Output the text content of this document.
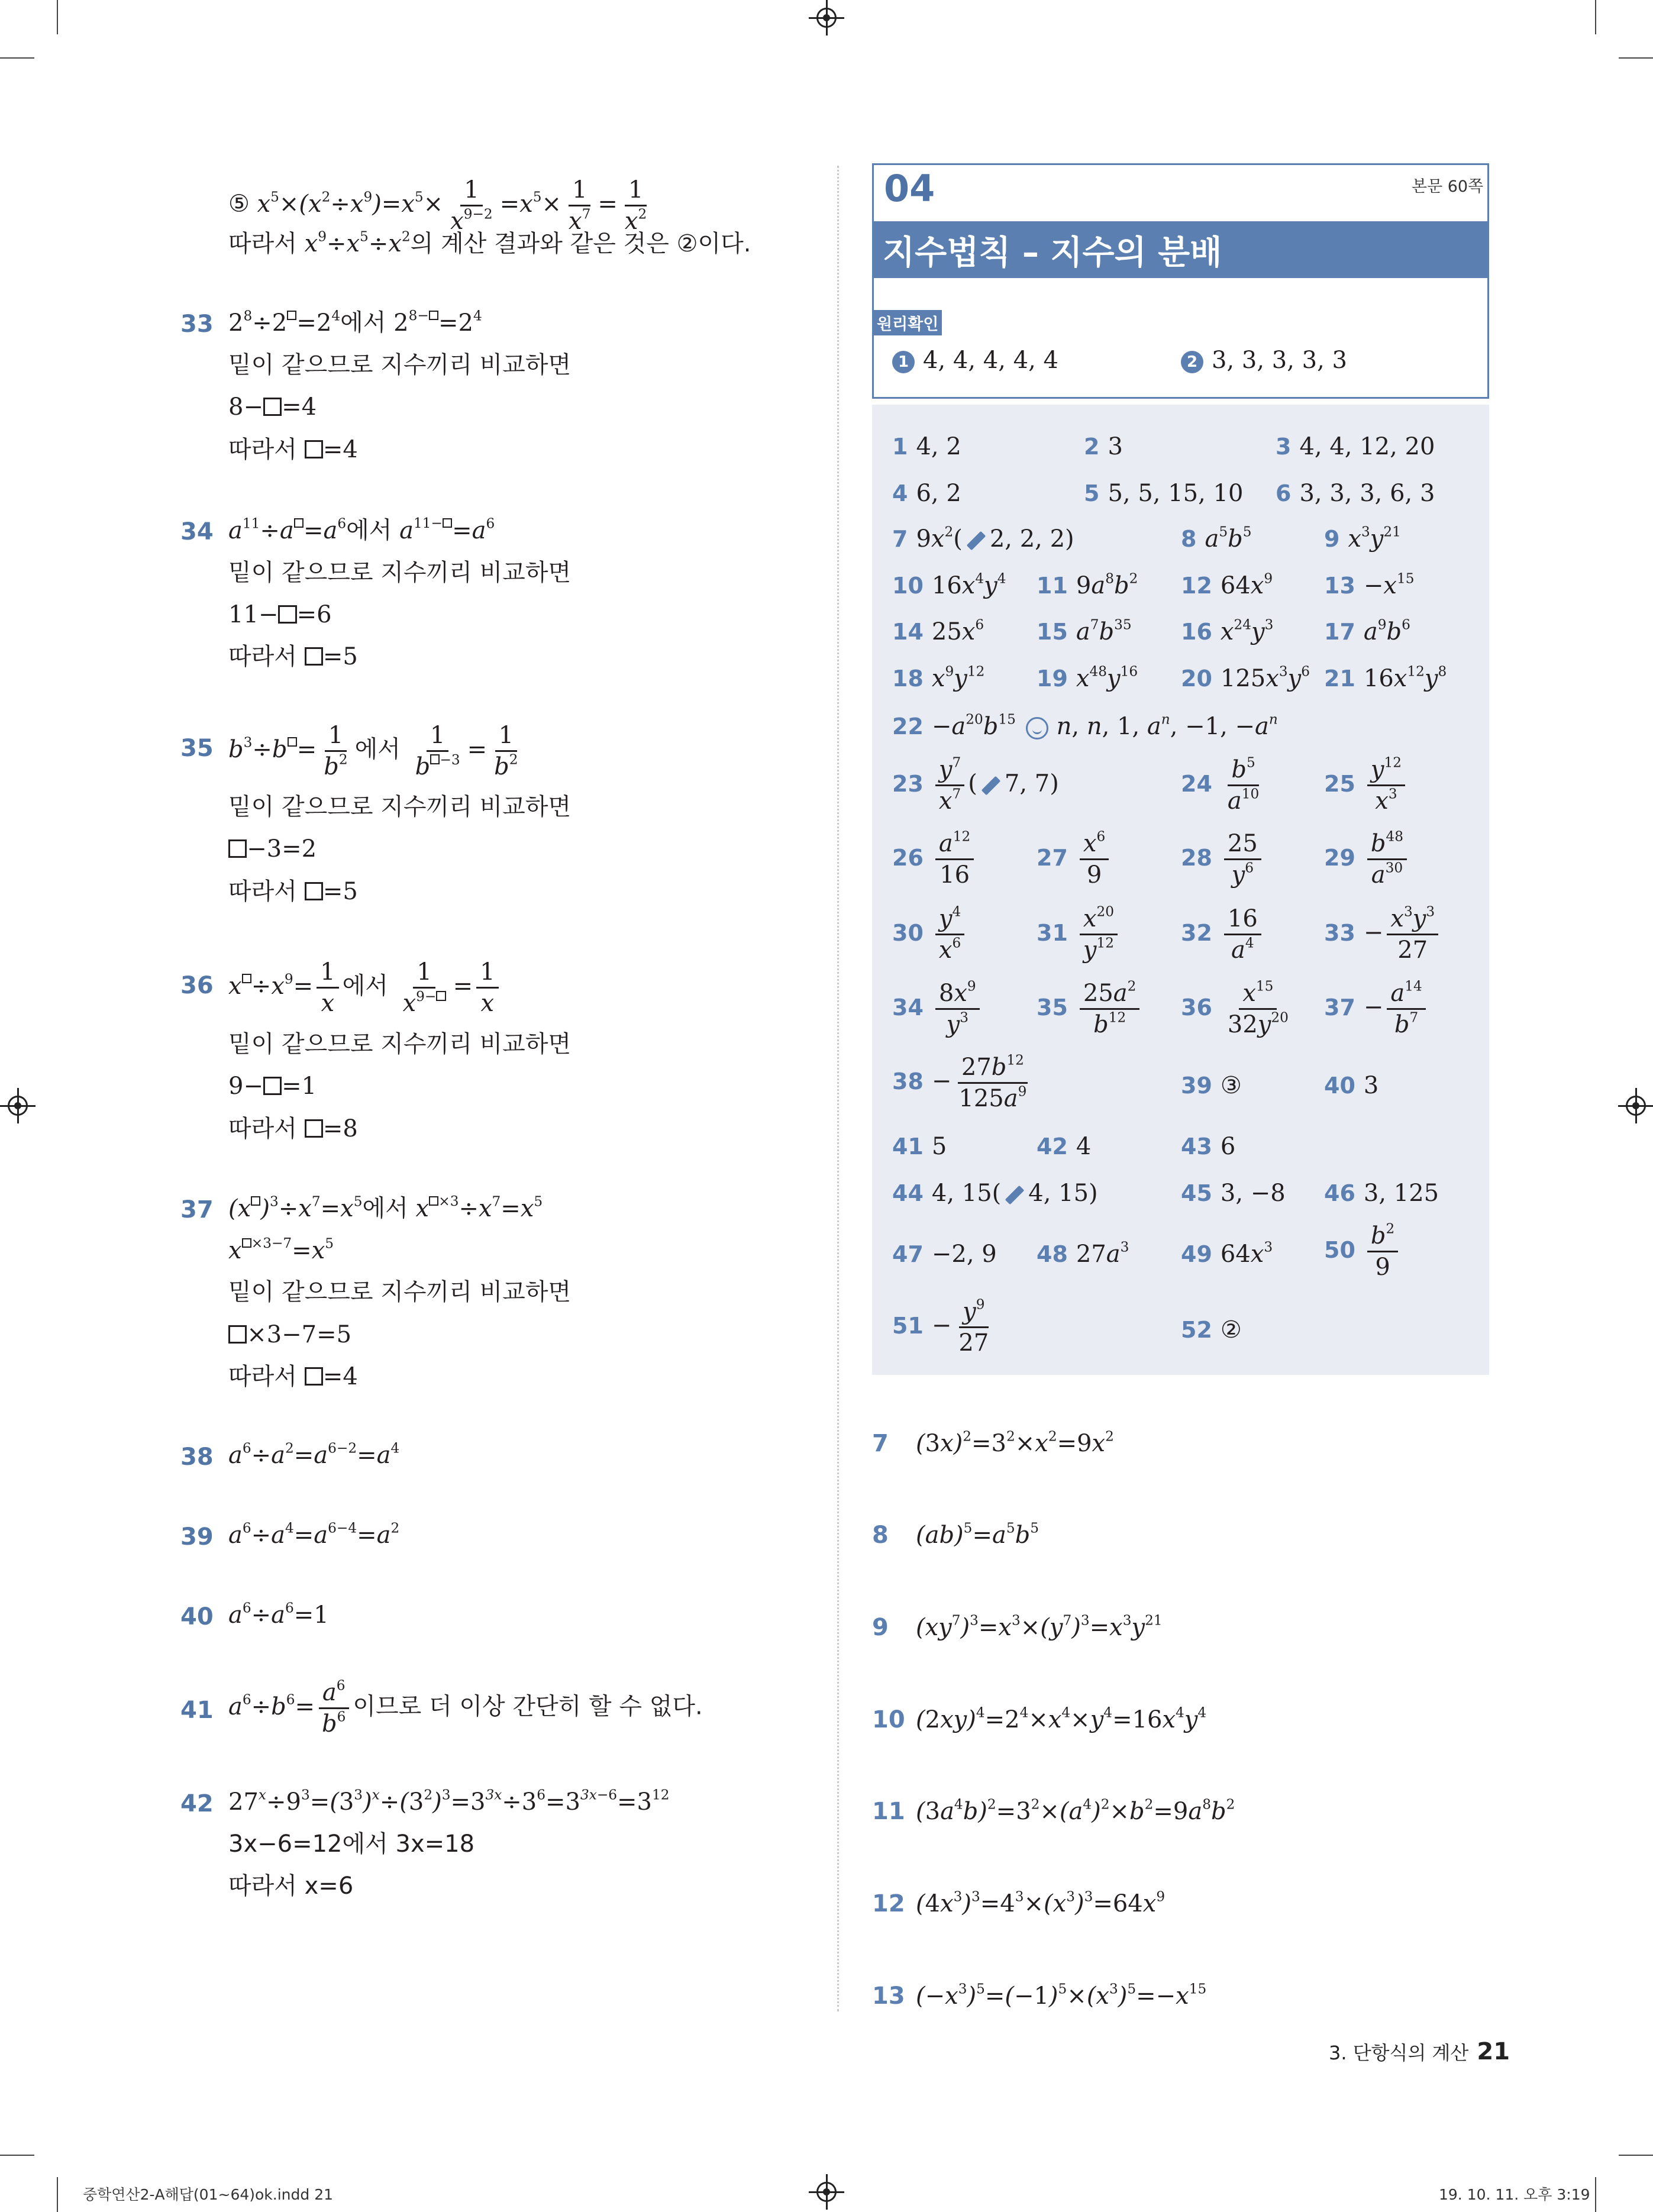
⑤ $x^5\times(x^2\div x^9)=x^5\times \frac{1}{x^{9-2}} =x^5\times \frac{1}{x^7} = \frac{1}{x^2}$
따라서 $x^9\div x^5\div x^2$의 계산 결과와 같은 것은 ②이다.
33 $2^8\div 2 =2^4$에서 $2^{8-} =2^4$
밑이 같으므로 지수끼리 비교하면
8− =4
따라서 =4
34 $a^{11}\div a =a^6$에서 $a^{11-} =a^6$
밑이 같으므로 지수끼리 비교하면
11− =6
따라서 =5
35 $b^3\div b = \frac{1}{b^2}$ 에서 $\frac{1}{b ^{-3}} = \frac{1}{b^2}$
밑이 같으므로 지수끼리 비교하면
−3=2
따라서 =5
36 $x \div x^9= \frac{1}{x}$ 에서 $\frac{1}{x^{9-}} = \frac{1}{x}$
밑이 같으므로 지수끼리 비교하면
9− =1
따라서 =8
37 (x )$^3\div x^7=x^5$에서 x $^{\times 3}\div x^7=x^5$
x $^{\times 3-7}=x^5$
밑이 같으므로 지수끼리 비교하면
×3−7=5
따라서 =4
38 $a^6\div a^2=a^{6-2}=a^4$
39 $a^6\div a^4=a^{6-4}=a^2$
40 $a^6\div a^6=1$
41 $a^6\div b^6= \frac{a^6}{b^6}$ 이므로 더 이상 간단히 할 수 없다.
42 $27^x\div 9^3=(3^3)^x\div(3^2)^3=3^{3x}\div 3^6=3^{3x-6}=3^{12}$
3x−6=12에서 3x=18
따라서 x=6
04	본문 60쪽
지수법칙 – 지수의 분배
원리확인
1 4, 4, 4, 4, 4	2 3, 3, 3, 3, 3
1 4, 2	2 3	3 4, 4, 12, 20
4 6, 2	5 5, 5, 15, 10 6 3, 3, 3, 6, 3
7 $9x^2$( 2, 2, 2)	8 $a^5b^5$	9 $x^3y^{21}$
10 $16x^4y^4$ 11 $9a^8b^2$ 12 $64x^9$ $13 -x^{15}$
14 $25x^6$ 15 $a^7b^{35}$ 16 $x^{24}y^3$ 17 $a^9b^6$
18 $x^9y^{12}$ 19 $x^{48}y^{16}$ 20 $125x^3y^6$ 21 $16x^{12}y^8$
$22 -a^{20}b^{15}$ n, n, 1, $a^n$, −1, $-a^n$
$23 \frac{y^7}{x^7}$ ( 7, 7)	$24 \frac{b^5}{a^{10}}$	$25 \frac{y^{12}}{x^3}$
$26 \frac{a^{12}}{16}$	$27 \frac{x^6}{9}$	$28 \frac{25}{y^6}$	$29 \frac{b^{48}}{a^{30}}$
$30 \frac{y^4}{x^6}$	$31 \frac{x^{20}}{y^{12}}$	$32 \frac{16}{a^4}$	$33 - \frac{x^3y^3}{27}$
$34 \frac{8x^9}{y^3}$	$35 \frac{25a^2}{b^{12}} 36 \frac{x^{15}}{32y^{20}} 37 - \frac{a^{14}}{b^7}$
$38 - \frac{27b^{12}}{125a^9}$	39 ③	40 3
41 5	42 4	43 6
44 4, 15( 4, 15)	45 3, −8 46 3, 125
47 −2, 9 48 $27a^3$ 49 $64x^3$ $50 \frac{b^2}{9}$
$51 - \frac{y^9}{27}$	52 ②
7 $(3x)^2=3^2\times x^2=9x^2$
8 $(ab)^5=a^5b^5$
9 $(xy^7)^3=x^3\times(y^7)^3=x^3y^{21}$
10 $(2xy)^4=2^4\times x^4\times y^4=16x^4y^4$
11 $(3a^4b)^2=3^2\times(a^4)^2\times b^2=9a^8b^2$
12 $(4x^3)^3=4^3\times(x^3)^3=64x^9$
13 $(-x^3)^5=(-1)^5\times(x^3)^5=-x^{15}$
3. 단항식의 계산 21
중학연산2-A해답(01~64)ok.indd 21	19. 10. 11. 오후 3:19
